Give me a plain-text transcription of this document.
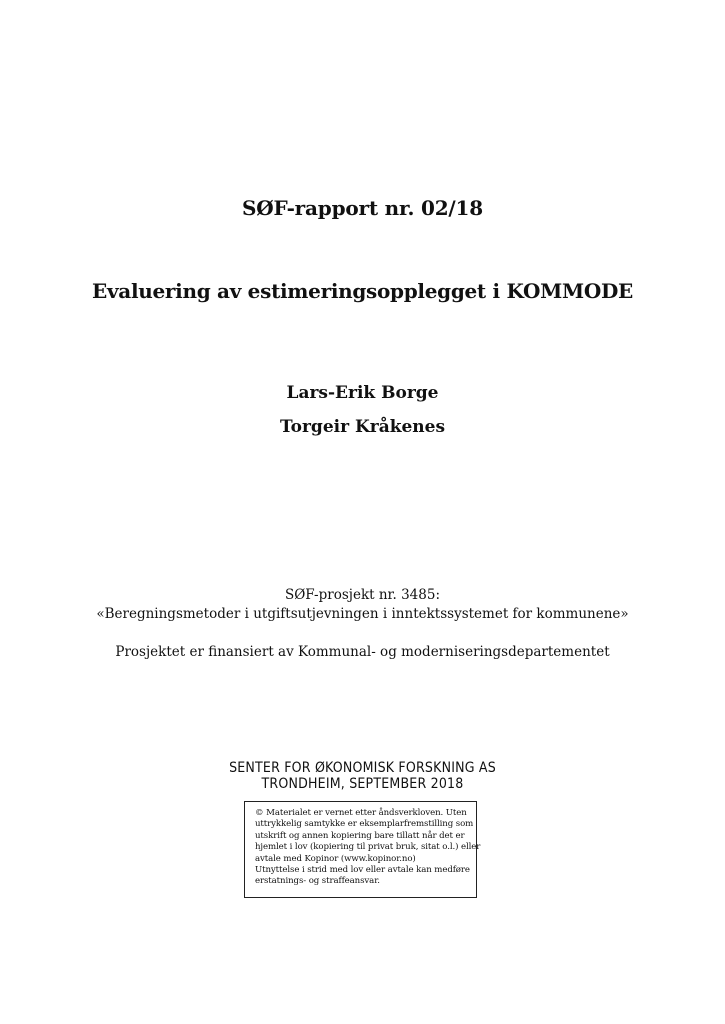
SØF-rapport nr. 02/18
Evaluering av estimeringsopplegget i KOMMODE
Lars-Erik Borge
Torgeir Kråkenes
SØF-prosjekt nr. 3485:
«Beregningsmetoder i utgiftsutjevningen i inntektssystemet for kommunene»
Prosjektet er finansiert av Kommunal- og moderniseringsdepartementet
SENTER FOR ØKONOMISK FORSKNING AS
TRONDHEIM, SEPTEMBER 2018
© Materialet er vernet etter åndsverkloven. Uten
uttrykkelig samtykke er eksemplarfremstilling som
utskrift og annen kopiering bare tillatt når det er
hjemlet i lov (kopiering til privat bruk, sitat o.l.) eller
avtale med Kopinor (www.kopinor.no)
Utnyttelse i strid med lov eller avtale kan medføre
erstatnings- og straffeansvar.
